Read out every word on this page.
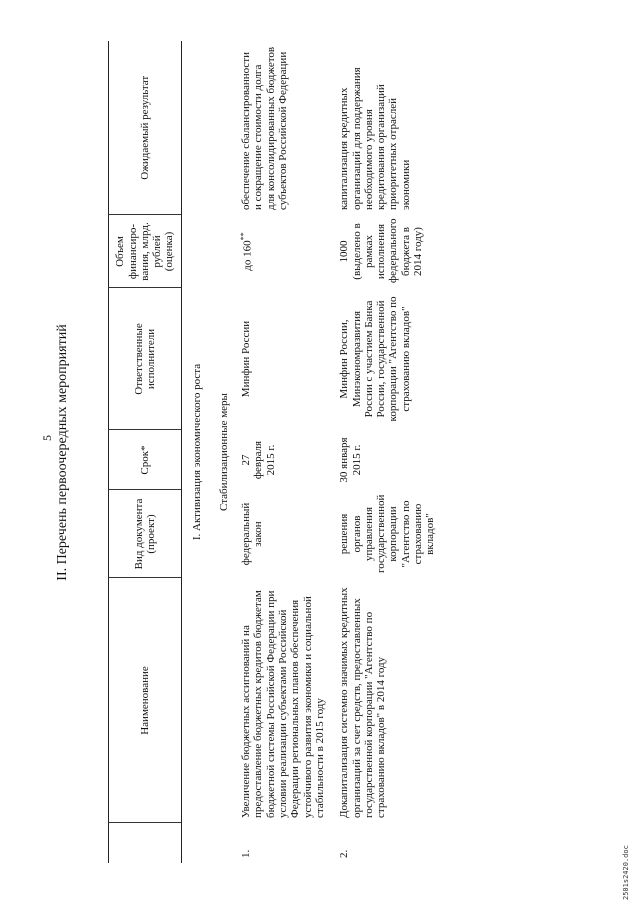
5 II. Перечень первоочередных мероприятий
	Наименование	Вид документа (проект)	Срок*	Ответственные исполнители	Объем финансиро-вания, млрд. рублей (оценка)	Ожидаемый результат
I. Активизация экономического роста						
Стабилизационные меры						
1.	Увеличение бюджетных ассигнований на предоставление бюджетных кредитов бюджетам бюджетной системы Российской Федерации при условии реализации субъектами Российской Федерации региональных планов обеспечения устойчивого развития экономики и социальной стабильности в 2015 году	федеральный закон	27 февраля 2015 г.	Минфин России	до 160**	обеспечение сбалансированности и сокращение стоимости долга для консолидированных бюджетов субъектов Российской Федерации
2.	Докапитализация системно значимых кредитных организаций за счет средств, предоставленных государственной корпорации "Агентство по страхованию вкладов" в 2014 году	решения органов управления государственной корпорации "Агентство по страхованию вкладов"	30 января 2015 г.	Минфин России, Минэкономразвития России с участием Банка России, государственной корпорации "Агентство по страхованию вкладов"	1000 (выделено в рамках исполнения федерального бюджета в 2014 году)	капитализация кредитных организаций для поддержания необходимого уровня кредитования организаций приоритетных отраслей экономики
2501s2420.doc
